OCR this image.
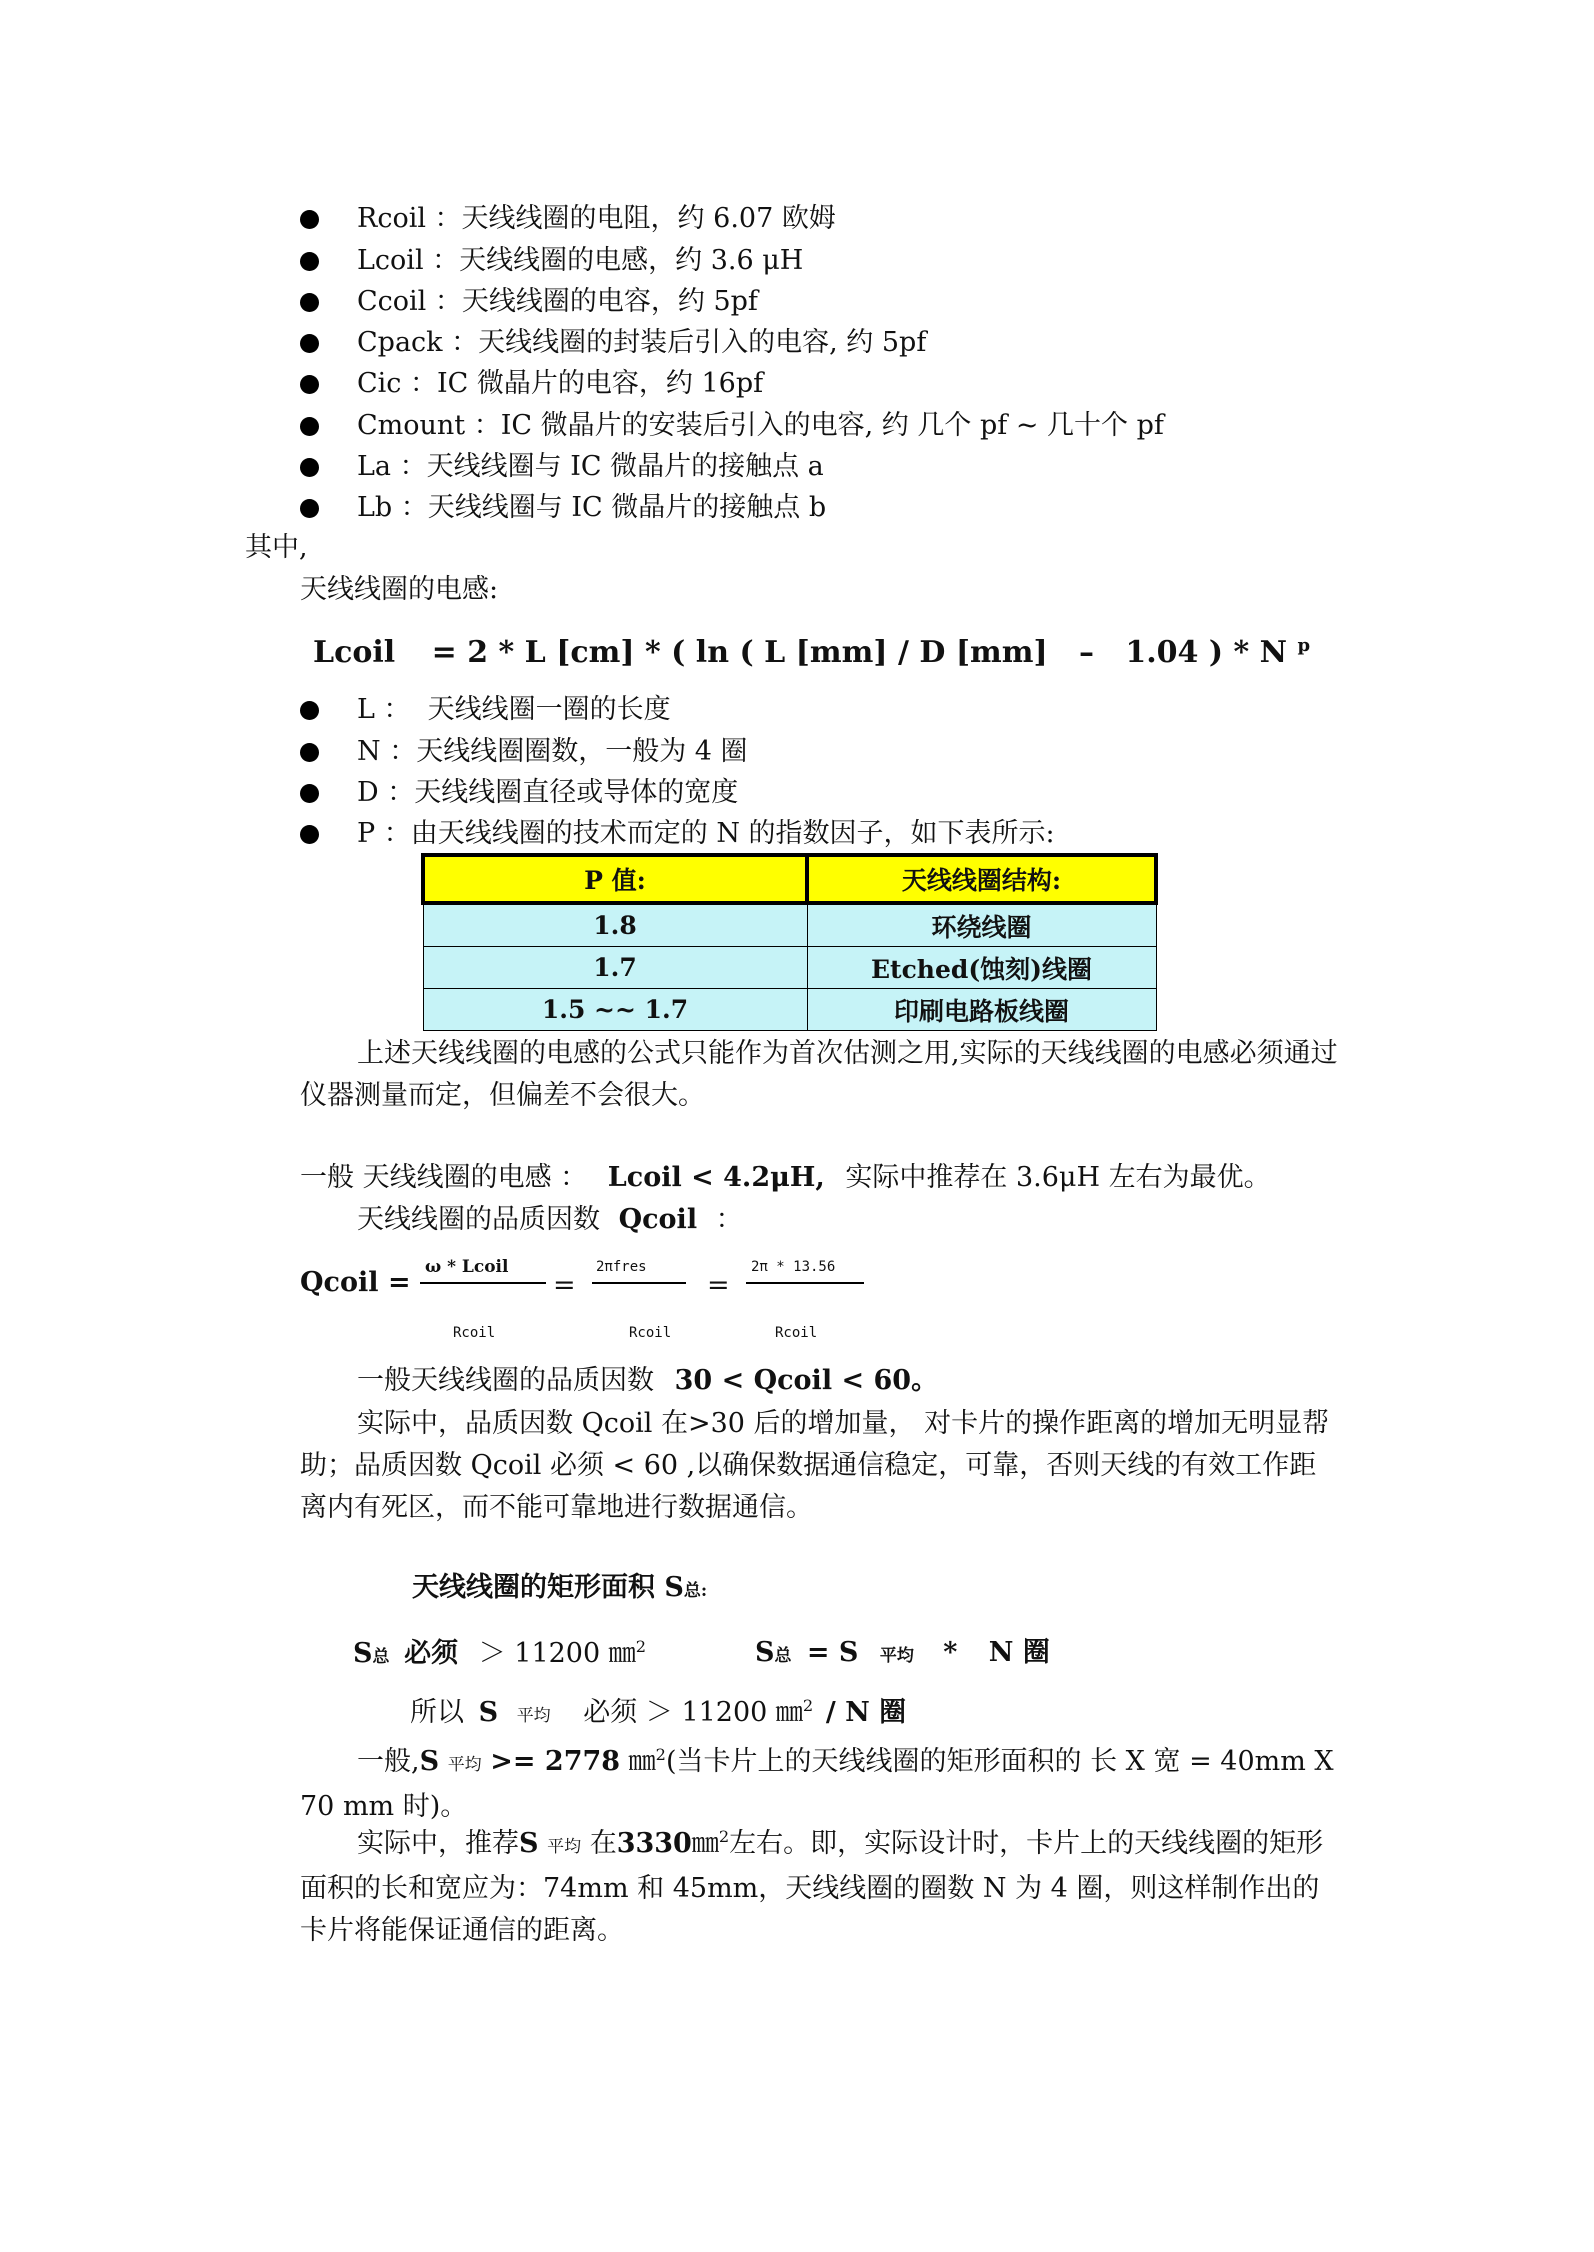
Rcoil ：天线线圈的电阻，约 6.07 欧姆
Lcoil ：天线线圈的电感，约 3.6 μH
Ccoil ：天线线圈的电容，约 5pf
Cpack ：天线线圈的封装后引入的电容, 约 5pf
Cic ：IC 微晶片的电容，约 16pf
Cmount ：IC 微晶片的安装后引入的电容, 约 几个 pf ~ 几十个 pf
La ：天线线圈与 IC 微晶片的接触点 a
Lb ：天线线圈与 IC 微晶片的接触点 b
其中,
天线线圈的电感:
Lcoil = 2 * L [cm] * ( ln ( L [mm] / D [mm]   –   1.04 ) * N $^p$
L ：  天线线圈一圈的长度
N ：天线线圈圈数，一般为 4 圈
D ：天线线圈直径或导体的宽度
P ：由天线线圈的技术而定的 N 的指数因子，如下表所示:
P 值:	天线线圈结构:
1.8	环绕线圈
1.7	Etched(蚀刻)线圈
1.5 ~~ 1.7	印刷电路板线圈
上述天线线圈的电感的公式只能作为首次估测之用,实际的天线线圈的电感必须通过仪器测量而定，但偏差不会很大。
一般 天线线圈的电感 ： Lcoil < 4.2μH, 实际中推荐在 3.6μH 左右为最优。
天线线圈的品质因数 Qcoil ：
Qcoil = ω * Lcoil
Rcoil
=
2πfres
Rcoil
=
2π * 13.56
Rcoil
一般天线线圈的品质因数 30 < Qcoil < 60。
实际中，品质因数 Qcoil 在>30 后的增加量， 对卡片的操作距离的增加无明显帮助；品质因数 Qcoil 必须 < 60 ,以确保数据通信稳定，可靠，否则天线的有效工作距离内有死区，而不能可靠地进行数据通信。
天线线圈的矩形面积 S总:
S总 必须 ＞ 11200 ㎜$^2$	S总 = S 平均 * N 圈
所以 S 平均 必须 ＞ 11200 ㎜$^2$ / N 圈
一般,S 平均 >= 2778 ㎜$^2$(当卡片上的天线线圈的矩形面积的 长 X 宽 = 40mm X 70 mm 时)。
实际中，推荐S 平均 在3330㎜$^2$左右。即，实际设计时，卡片上的天线线圈的矩形面积的长和宽应为：74mm 和 45mm，天线线圈的圈数 N 为 4 圈，则这样制作出的卡片将能保证通信的距离。
